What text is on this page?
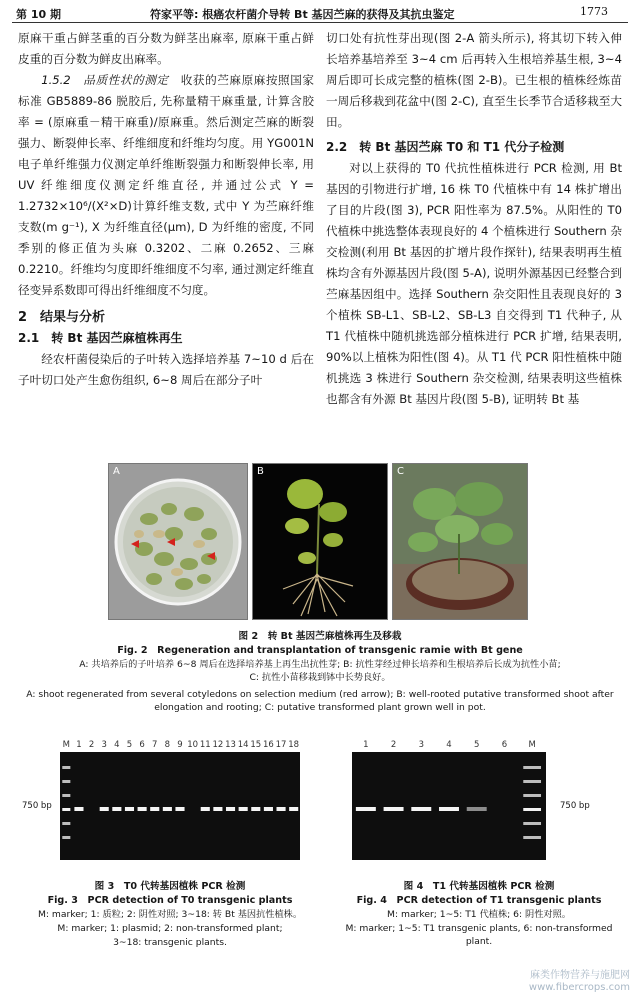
第 10 期	符家平等: 根癌农杆菌介导转 Bt 基因苎麻的获得及其抗虫鉴定	1773

原麻干重占鲜茎重的百分数为鲜茎出麻率, 原麻干重占鲜皮重的百分数为鲜皮出麻率。

1.5.2　品质性状的测定　 收获的苎麻原麻按照国家标准 GB5889-86 脱胶后, 先称量精干麻重量, 计算含胶率 = (原麻重－精干麻重)/原麻重。然后测定苎麻的断裂强力、断裂伸长率、纤维细度和纤维均匀度。用 YG001N 电子单纤维强力仪测定单纤维断裂强力和断裂伸长率, 用 UV 纤维细度仪测定纤维直径, 并通过公式 Y = 1.2732×10⁶/(X²×D)计算纤维支数, 式中 Y 为苎麻纤维支数(m g⁻¹), X 为纤维直径(μm), D 为纤维的密度, 不同季别的修正值为头麻 0.3202、二麻 0.2652、三麻 0.2210。纤维均匀度即纤维细度不匀率, 通过测定纤维直径变异系数即可得出纤维细度不匀度。

2　结果与分析

2.1　转 Bt 基因苎麻植株再生

经农杆菌侵染后的子叶转入选择培养基 7~10 d 后在子叶切口处产生愈伤组织, 6~8 周后在部分子叶

切口处有抗性芽出现(图 2-A 箭头所示), 将其切下转入伸长培养基培养至 3~4 cm 后再转入生根培养基生根, 3~4 周后即可长成完整的植株(图 2-B)。已生根的植株经炼苗一周后移栽到花盆中(图 2-C), 直至生长季节合适移栽至大田。

2.2　转 Bt 基因苎麻 T0 和 T1 代分子检测

对以上获得的 T0 代抗性植株进行 PCR 检测, 用 Bt 基因的引物进行扩增, 16 株 T0 代植株中有 14 株扩增出了目的片段(图 3), PCR 阳性率为 87.5%。从阳性的 T0 代植株中挑选整体表现良好的 4 个植株进行 Southern 杂交检测(利用 Bt 基因的扩增片段作探针), 结果表明再生植株均含有外源基因片段(图 5-A), 说明外源基因已经整合到苎麻基因组中。选择 Southern 杂交阳性且表现良好的 3 个植株 SB-L1、SB-L2、SB-L3 自交得到 T1 代种子, 从 T1 代植株中随机挑选部分植株进行 PCR 扩增, 结果表明, 90%以上植株为阳性(图 4)。从 T1 代 PCR 阳性植株中随机挑选 3 株进行 Southern 杂交检测, 结果表明这些植株也都含有外源 Bt 基因片段(图 5-B), 证明转 Bt 基

A	B	C
图 2　转 Bt 基因苎麻植株再生及移栽
Fig. 2　Regeneration and transplantation of transgenic ramie with Bt gene
A: 共培养后的子叶培养 6~8 周后在选择培养基上再生出抗性芽; B: 抗性芽经过伸长培养和生根培养后长成为抗性小苗;
C: 抗性小苗移栽到钵中长势良好。
A: shoot regenerated from several cotyledons on selection medium (red arrow); B: well-rooted putative transformed shoot after
elongation and rooting; C: putative transformed plant grown well in pot.
M 1 2 3 4 5 6 7 8 9 10 11 12 13 14 15 16 17 18
750 bp
图 3　T0 代转基因植株 PCR 检测
Fig. 3　PCR detection of T0 transgenic plants
M: marker; 1: 质粒; 2: 阴性对照; 3~18: 转 Bt 基因抗性植株。
M: marker; 1: plasmid; 2: non-transformed plant;
3~18: transgenic plants.
1	2	3	4	5	6	M
750 bp
图 4　T1 代转基因植株 PCR 检测
Fig. 4　PCR detection of T1 transgenic plants
M: marker; 1~5: T1 代植株; 6: 阴性对照。
M: marker; 1~5: T1 transgenic plants, 6: non-transformed plant.
麻类作物营养与施肥网
www.fibercrops.com
